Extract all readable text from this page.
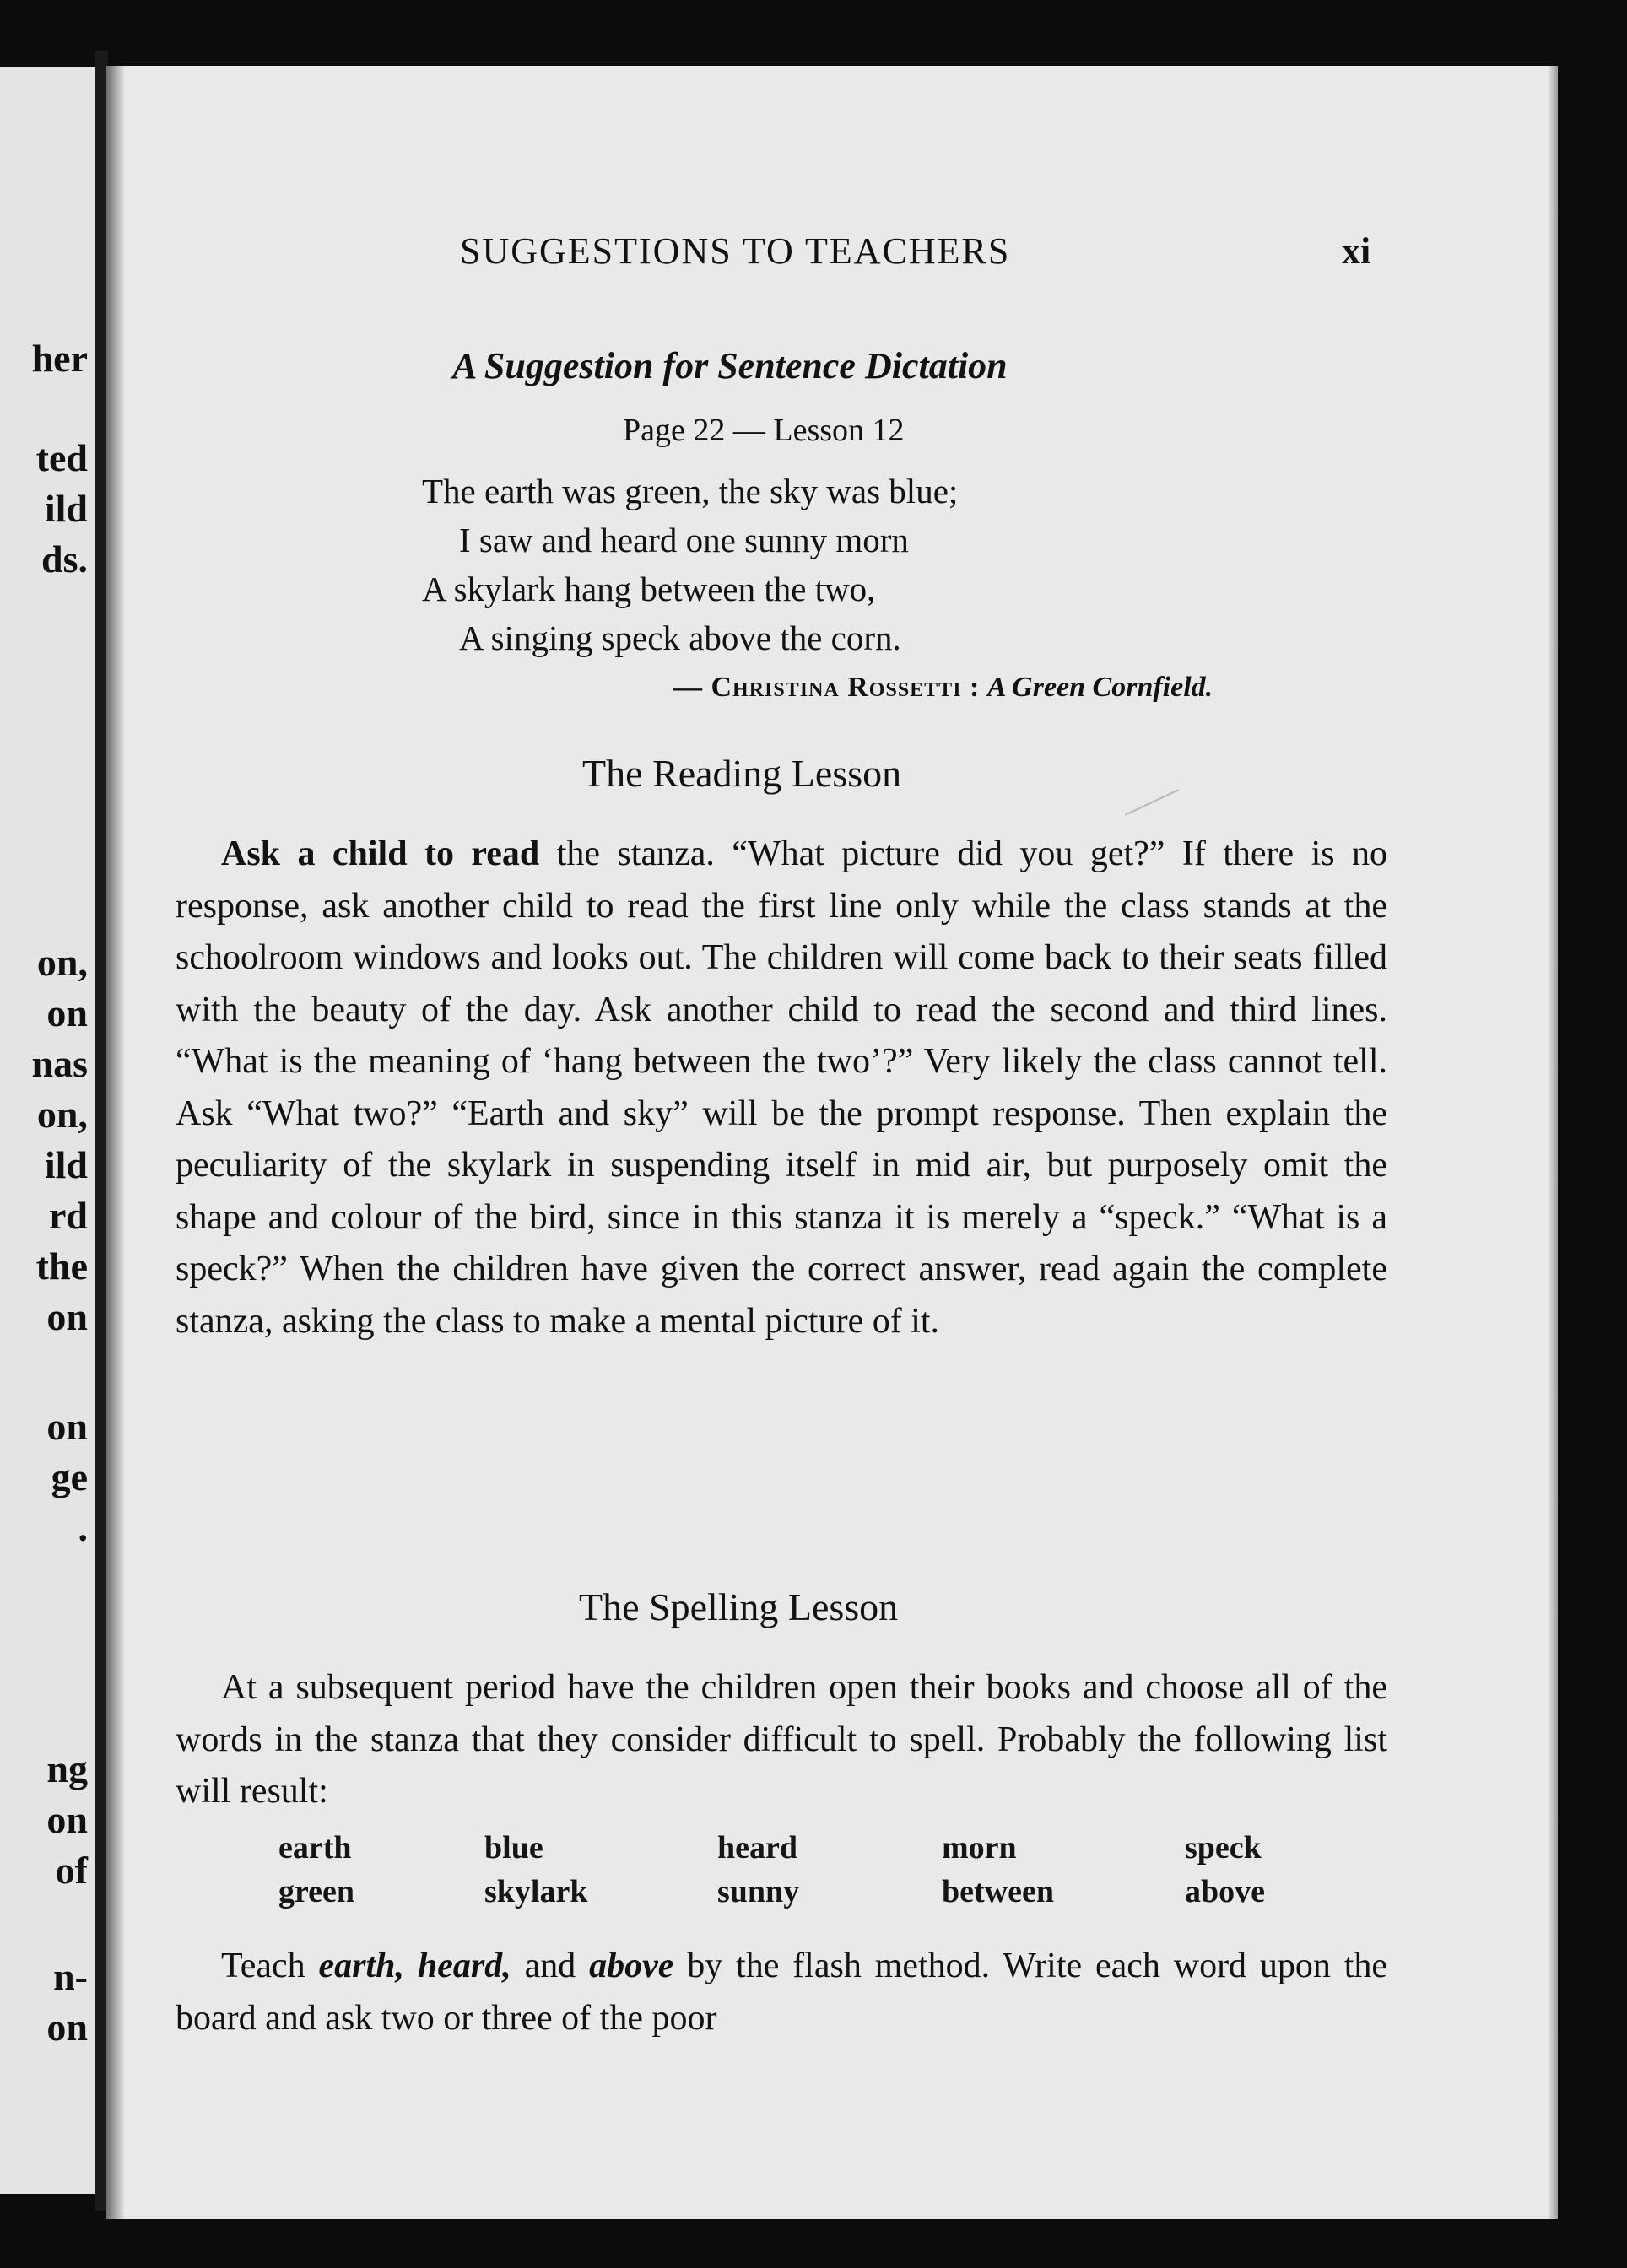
her
ted
ild
ds.
on,
on
nas
on,
ild
rd
the
on
on
ge
.
ng
on
of
n-
on
SUGGESTIONS TO TEACHERS	xi
A Suggestion for Sentence Dictation
Page 22 — Lesson 12
The earth was green, the sky was blue;
I saw and heard one sunny morn
A skylark hang between the two,
A singing speck above the corn.
— Christina Rossetti : A Green Cornfield.
The Reading Lesson

Ask a child to read the stanza. “What picture did you get?” If there is no response, ask another child to read the first line only while the class stands at the schoolroom windows and looks out. The children will come back to their seats filled with the beauty of the day. Ask another child to read the second and third lines. “What is the meaning of ‘hang between the two’?” Very likely the class cannot tell. Ask “What two?” “Earth and sky” will be the prompt response. Then explain the peculiarity of the skylark in suspending itself in mid air, but purposely omit the shape and colour of the bird, since in this stanza it is merely a “speck.” “What is a speck?” When the children have given the correct answer, read again the complete stanza, asking the class to make a mental picture of it.

The Spelling Lesson

At a subsequent period have the children open their books and choose all of the words in the stanza that they consider difficult to spell. Probably the following list will result:

earth	blue	heard	morn	speck
green	skylark	sunny	between	above

Teach earth, heard, and above by the flash method. Write each word upon the board and ask two or three of the poor
